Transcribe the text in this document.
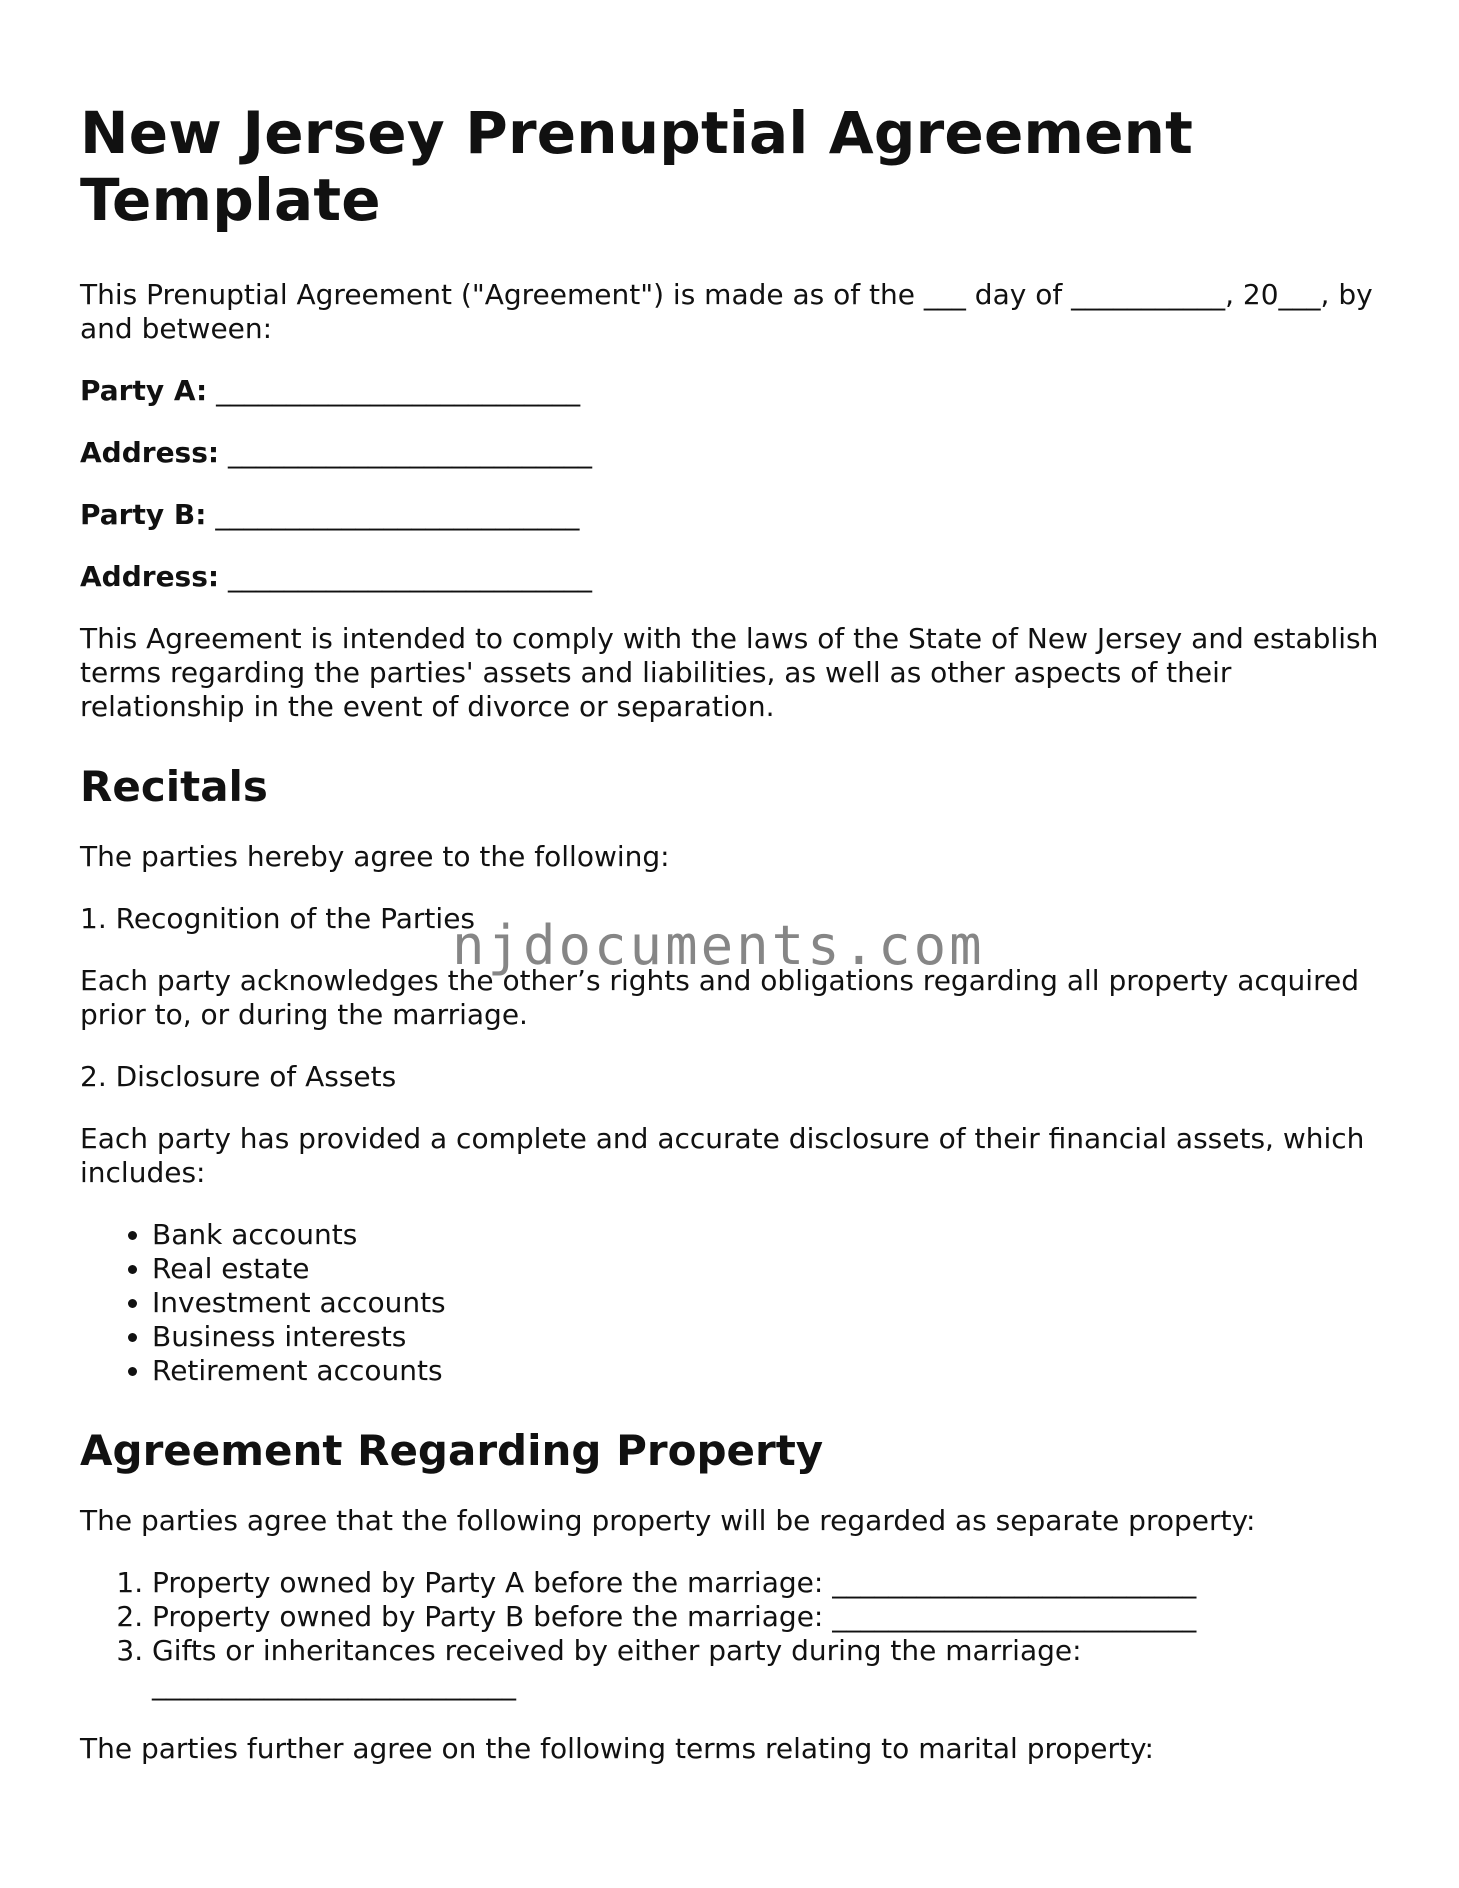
New Jersey Prenuptial Agreement Template

This Prenuptial Agreement ("Agreement") is made as of the ___ day of ___________, 20___, by and between:

Party A: __________________________

Address: __________________________

Party B: __________________________

Address: __________________________

This Agreement is intended to comply with the laws of the State of New Jersey and establish terms regarding the parties' assets and liabilities, as well as other aspects of their relationship in the event of divorce or separation.

Recitals

The parties hereby agree to the following:

1. Recognition of the Parties

Each party acknowledges the other’s rights and obligations regarding all property acquired prior to, or during the marriage.

2. Disclosure of Assets

Each party has provided a complete and accurate disclosure of their financial assets, which includes:

• Bank accounts
• Real estate
• Investment accounts
• Business interests
• Retirement accounts
Agreement Regarding Property

The parties agree that the following property will be regarded as separate property:

1. Property owned by Party A before the marriage: __________________________
2. Property owned by Party B before the marriage: __________________________
3. Gifts or inheritances received by either party during the marriage: __________________________

The parties further agree on the following terms relating to marital property:

njdocuments.com
